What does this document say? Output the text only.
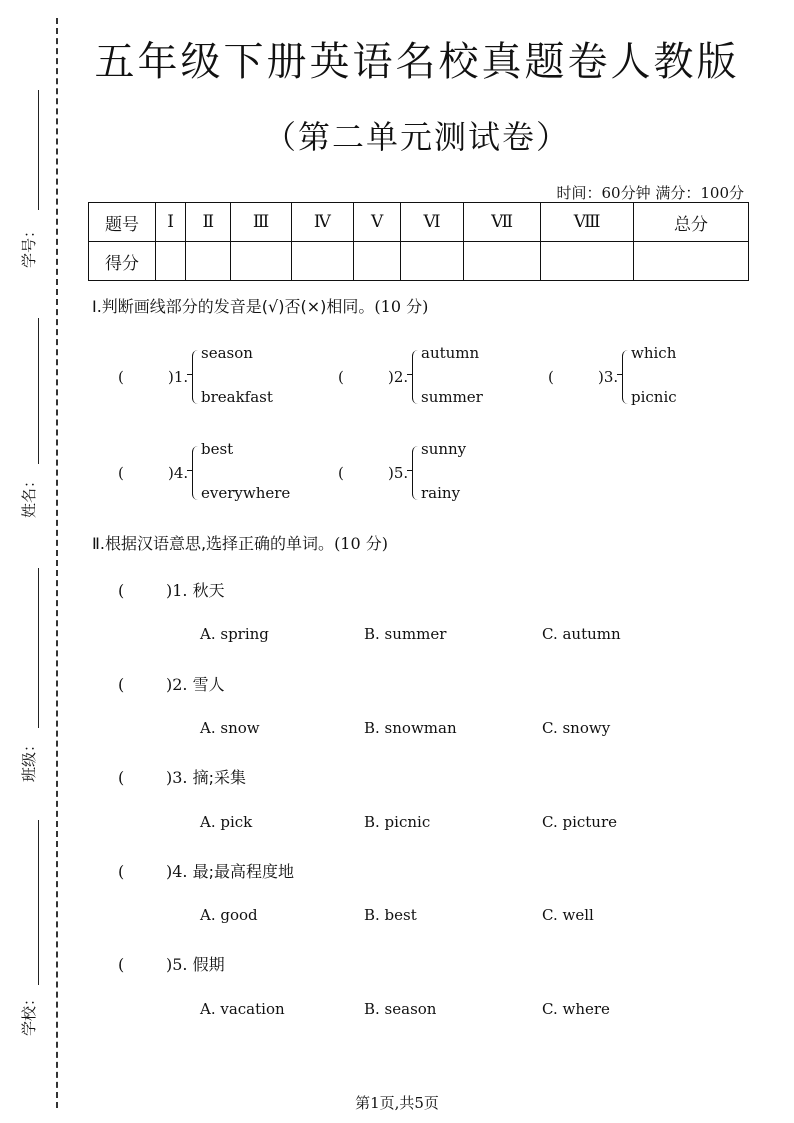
学号：
姓名：
班级：
学校：
五年级下册英语名校真题卷人教版
（第二单元测试卷）
时间：60分钟 满分：100分
题号	Ⅰ	Ⅱ	Ⅲ	Ⅳ	Ⅴ	Ⅵ	Ⅶ	Ⅷ	总分
得分									
Ⅰ.判断画线部分的发音是(√)否(×)相同。(10 分)
(	)1.
season
breakfast
(	)2.
autumn
summer
(	)3.
which
picnic
(	)4.
best
everywhere
(	)5.
sunny
rainy
Ⅱ.根据汉语意思,选择正确的单词。(10 分)
(	)1. 秋天
A. spring	B. summer	C. autumn
(	)2. 雪人
A. snow	B. snowman	C. snowy
(	)3. 摘;采集
A. pick	B. picnic	C. picture
(	)4. 最;最高程度地
A. good	B. best	C. well
(	)5. 假期
A. vacation	B. season	C. where
第1页,共5页
